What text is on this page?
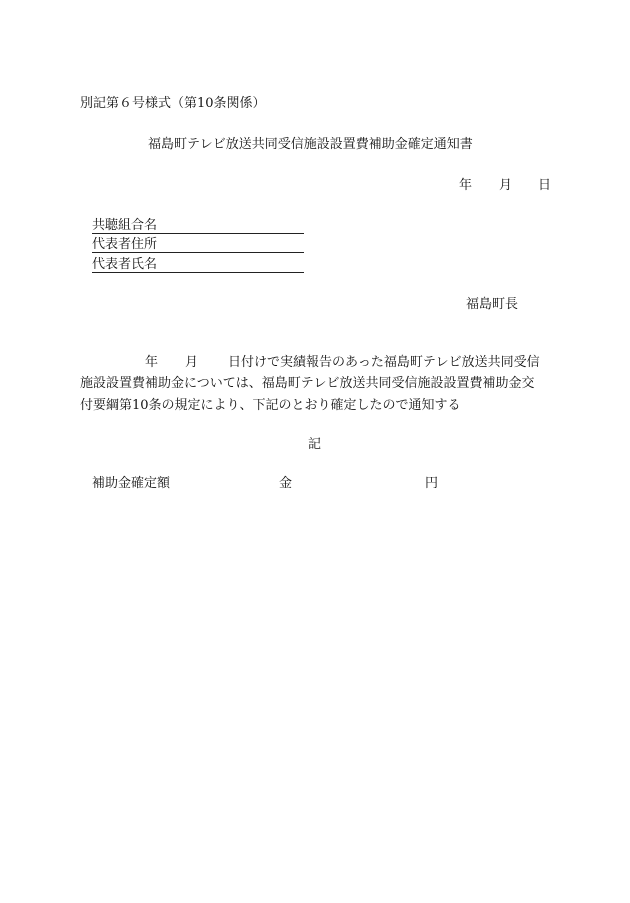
別記第６号様式（第10条関係）
福島町テレビ放送共同受信施設設置費補助金確定通知書
年 月 日
共聴組合名
代表者住所
代表者氏名
福島町長
年 月 日付けで実績報告のあった福島町テレビ放送共同受信
施設設置費補助金については、福島町テレビ放送共同受信施設設置費補助金交
付要綱第10条の規定により、下記のとおり確定したので通知する
記
補助金確定額	金	円
